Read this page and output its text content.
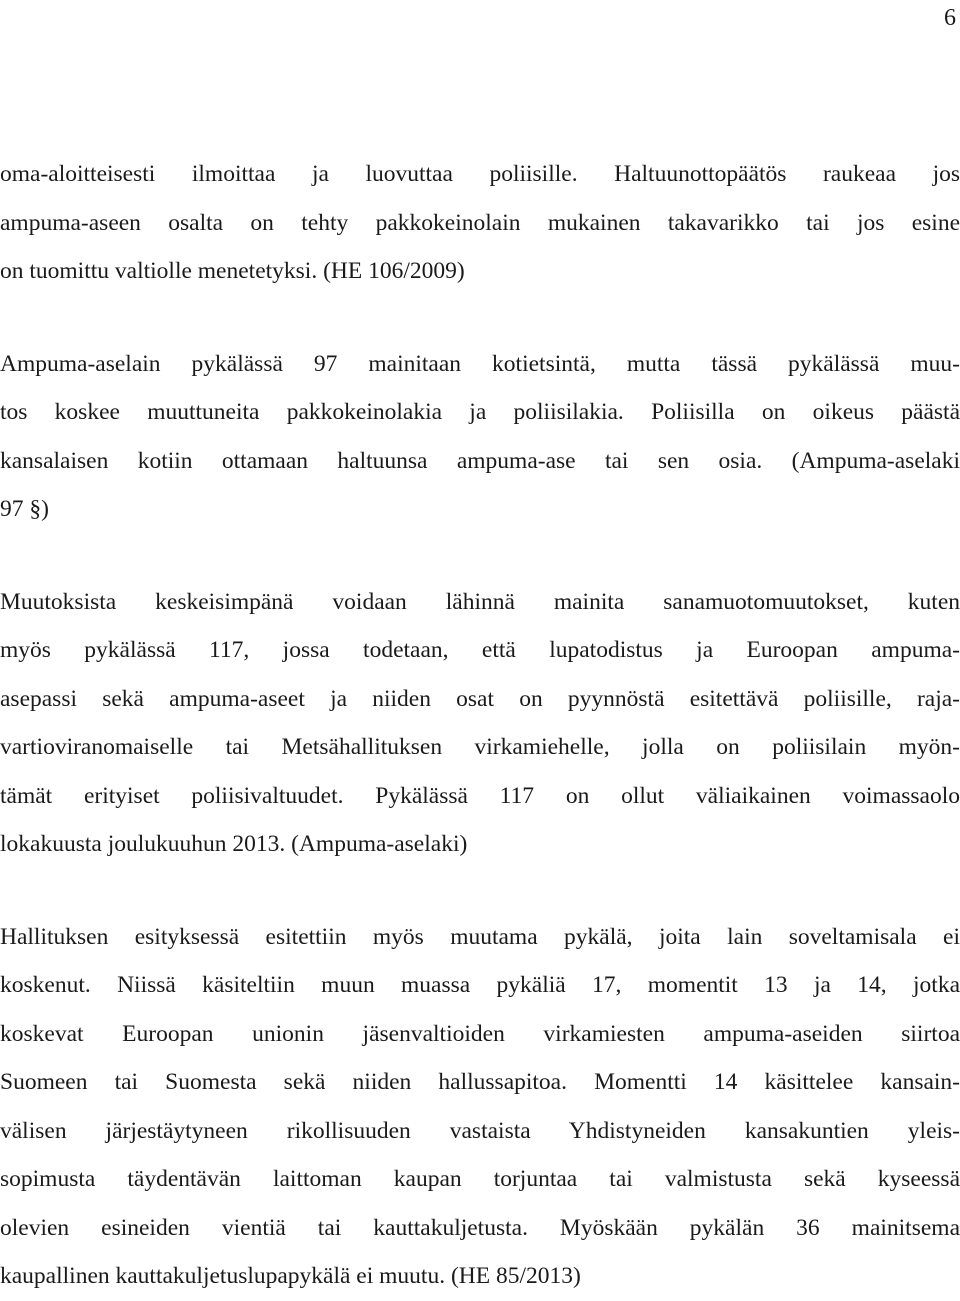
6

oma-aloitteisesti ilmoittaa ja luovuttaa poliisille. Haltuunottopäätös raukeaa jos
ampuma-aseen osalta on tehty pakkokeinolain mukainen takavarikko tai jos esine
on tuomittu valtiolle menetetyksi. (HE 106/2009)

Ampuma-aselain pykälässä 97 mainitaan kotietsintä, mutta tässä pykälässä muu-
tos koskee muuttuneita pakkokeinolakia ja poliisilakia. Poliisilla on oikeus päästä
kansalaisen kotiin ottamaan haltuunsa ampuma-ase tai sen osia. (Ampuma-aselaki
97 §)

Muutoksista keskeisimpänä voidaan lähinnä mainita sanamuotomuutokset, kuten
myös pykälässä 117, jossa todetaan, että lupatodistus ja Euroopan ampuma-
asepassi sekä ampuma-aseet ja niiden osat on pyynnöstä esitettävä poliisille, raja-
vartioviranomaiselle tai Metsähallituksen virkamiehelle, jolla on poliisilain myön-
tämät erityiset poliisivaltuudet. Pykälässä 117 on ollut väliaikainen voimassaolo
lokakuusta joulukuuhun 2013. (Ampuma-aselaki)

Hallituksen esityksessä esitettiin myös muutama pykälä, joita lain soveltamisala ei
koskenut. Niissä käsiteltiin muun muassa pykäliä 17, momentit 13 ja 14, jotka
koskevat Euroopan unionin jäsenvaltioiden virkamiesten ampuma-aseiden siirtoa
Suomeen tai Suomesta sekä niiden hallussapitoa. Momentti 14 käsittelee kansain-
välisen järjestäytyneen rikollisuuden vastaista Yhdistyneiden kansakuntien yleis-
sopimusta täydentävän laittoman kaupan torjuntaa tai valmistusta sekä kyseessä
olevien esineiden vientiä tai kauttakuljetusta. Myöskään pykälän 36 mainitsema
kaupallinen kauttakuljetuslupapykälä ei muutu. (HE 85/2013)
